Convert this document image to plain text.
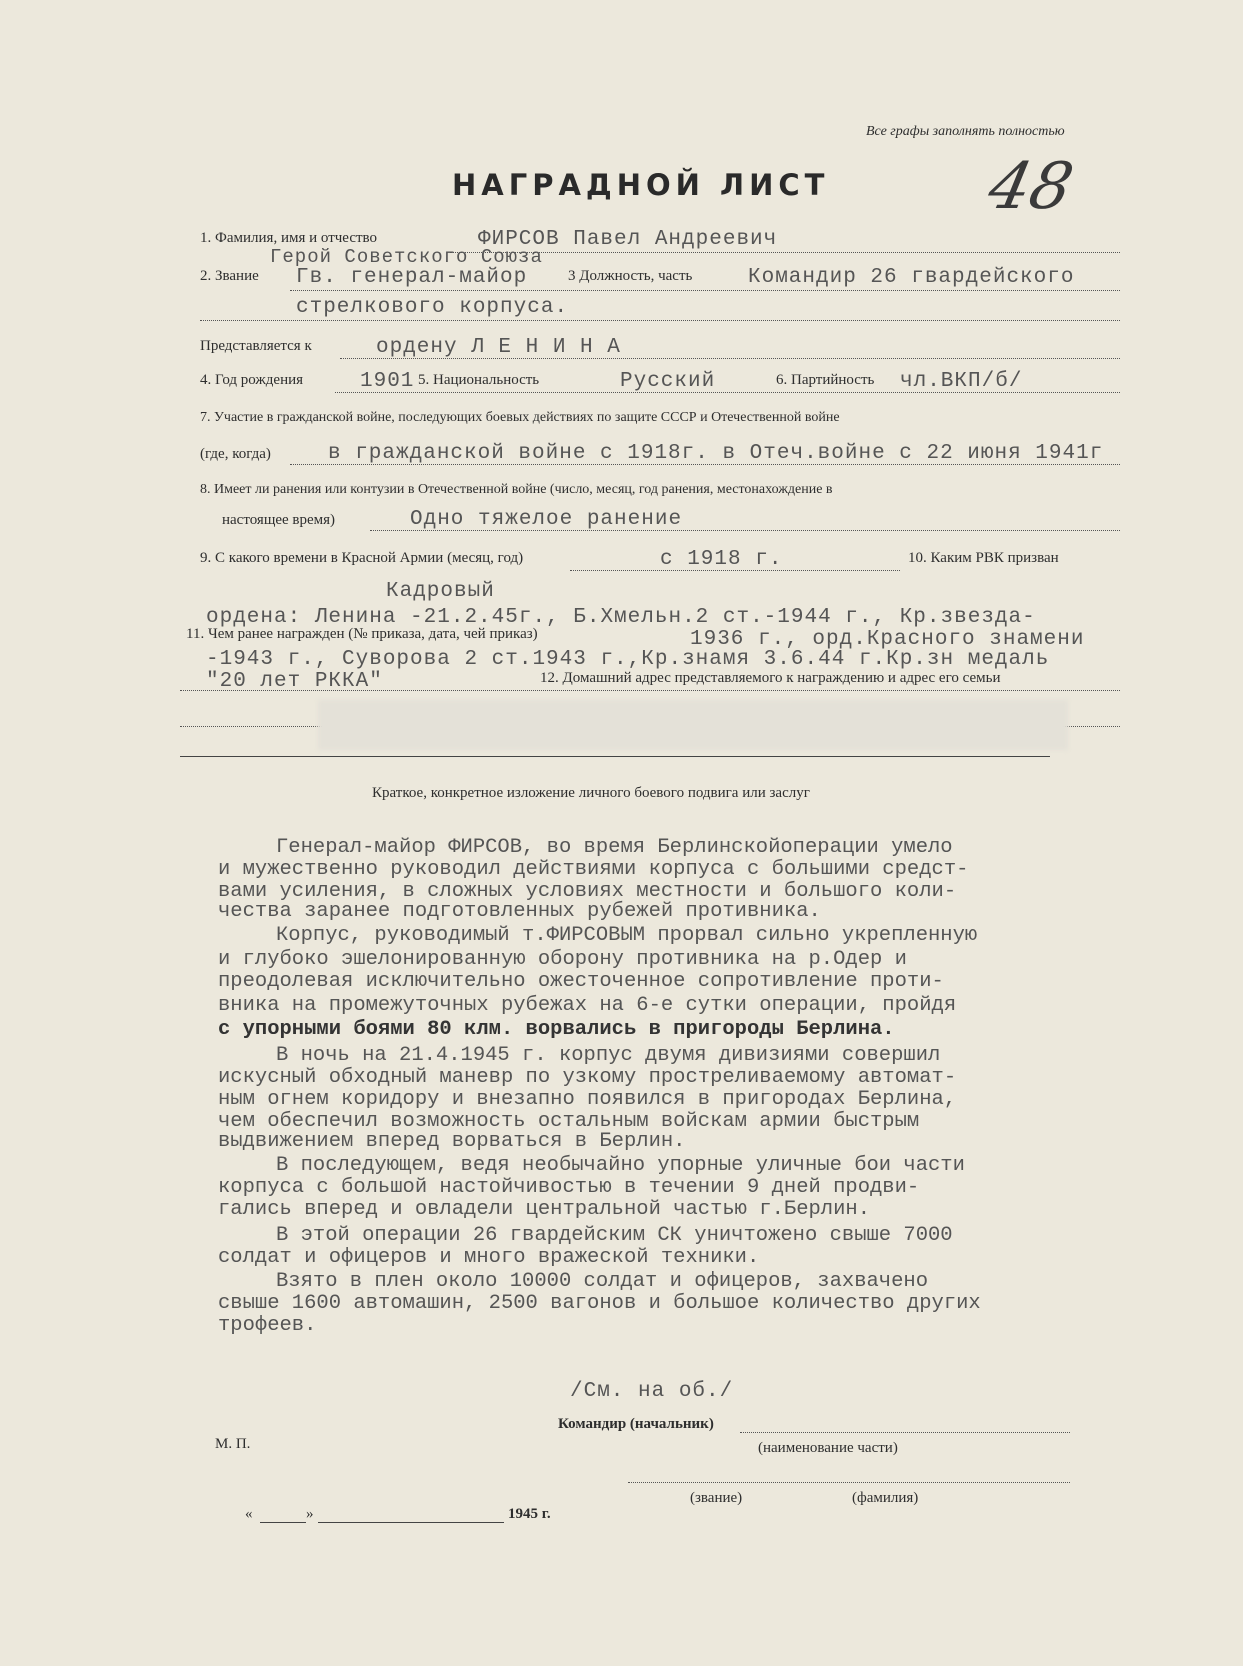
Все графы заполнять полностью
НАГРАДНОЙ ЛИСТ 48
1. Фамилия, имя и отчество	ФИРСОВ Павел Андреевич
Герой Советского Союза
2. Звание Гв. генерал-майор	3 Должность, часть	Командир 26 гвардейского
стрелкового корпуса.
Представляется к	ордену Л Е Н И Н А
4. Год рождения	1901 5. Национальность	Русский	6. Партийность чл.ВКП/б/
7. Участие в гражданской войне, последующих боевых действиях по защите СССР и Отечественной войне
(где, когда)	в гражданской войне с 1918г. в Отеч.войне с 22 июня 1941г
8. Имеет ли ранения или контузии в Отечественной войне (число, месяц, год ранения, местонахождение в
настоящее время)	Одно тяжелое ранение
9. С какого времени в Красной Армии (месяц, год)	с 1918 г.	10. Каким РВК призван
Кадровый
ордена: Ленина -21.2.45г., Б.Хмельн.2 ст.-1944 г., Кр.звезда-
11. Чем ранее награжден (№ приказа, дата, чей приказ)	1936 г., орд.Красного знамени
-1943 г., Суворова 2 ст.1943 г.,Кр.знамя 3.6.44 г.Кр.зн медаль
"20 лет РККА"	12. Домашний адрес представляемого к награждению и адрес его семьи
Краткое, конкретное изложение личного боевого подвига или заслуг
Генерал-майор ФИРСОВ, во время Берлинскойоперации умело
и мужественно руководил действиями корпуса с большими средст-
вами усиления, в сложных условиях местности и большого коли-
чества заранее подготовленных рубежей противника.
Корпус, руководимый т.ФИРСОВЫМ прорвал сильно укрепленную
и глубоко эшелонированную оборону противника на р.Одер и
преодолевая исключительно ожесточенное сопротивление проти-
вника на промежуточных рубежах на 6-е сутки операции, пройдя
с упорными боями 80 клм. ворвались в пригороды Берлина.
В ночь на 21.4.1945 г. корпус двумя дивизиями совершил
искусный обходный маневр по узкому простреливаемому автомат-
ным огнем коридору и внезапно появился в пригородах Берлина,
чем обеспечил возможность остальным войскам армии быстрым
выдвижением вперед ворваться в Берлин.
В последующем, ведя необычайно упорные уличные бои части
корпуса с большой настойчивостью в течении 9 дней продви-
гались вперед и овладели центральной частью г.Берлин.
В этой операции 26 гвардейским СК уничтожено свыше 7000
солдат и офицеров и много вражеской техники.
Взято в плен около 10000 солдат и офицеров, захвачено
свыше 1600 автомашин, 2500 вагонов и большое количество других
трофеев.
/См. на об./
Командир (начальник)
(наименование части)
М. П.
«	»	1945 г.
(звание)	(фамилия)
